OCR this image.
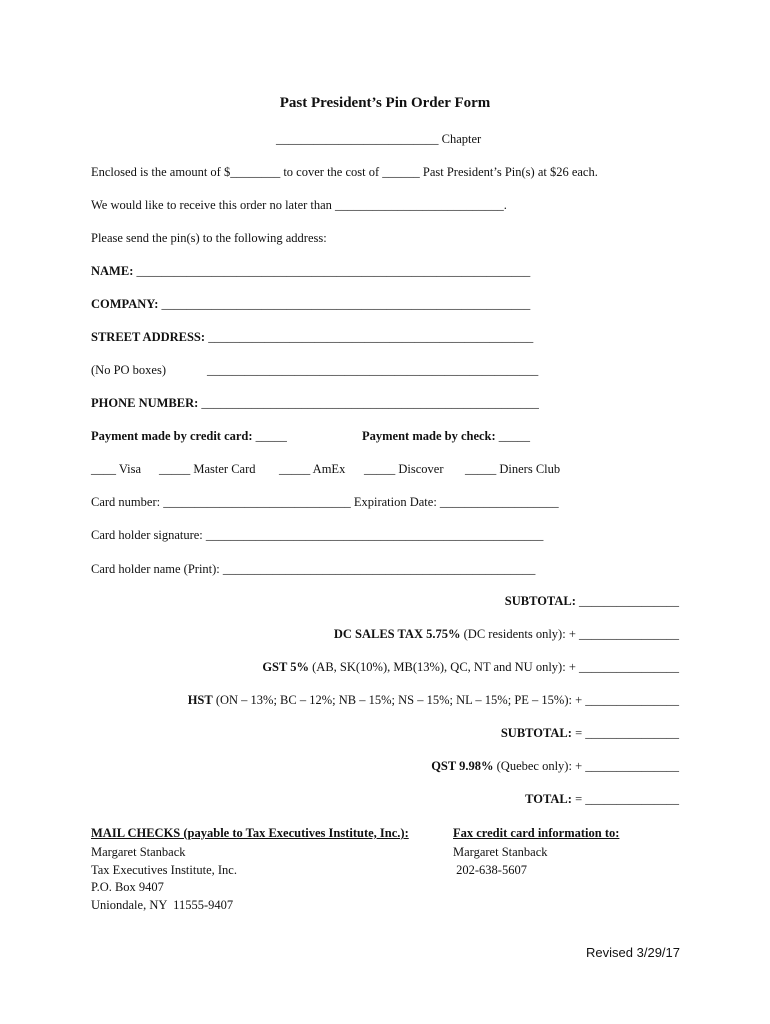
Past President’s Pin Order Form
__________________________ Chapter
Enclosed is the amount of $________ to cover the cost of ______ Past President’s Pin(s) at $26 each.
We would like to receive this order no later than ___________________________.
Please send the pin(s) to the following address:
NAME: _______________________________________________________________
COMPANY: ___________________________________________________________
STREET ADDRESS: ____________________________________________________
(No PO boxes)	_____________________________________________________
PHONE NUMBER: ______________________________________________________
Payment made by credit card: _____	Payment made by check: _____
____ Visa _____ Master Card _____ AmEx _____ Discover _____ Diners Club
Card number: ______________________________ Expiration Date: ___________________
Card holder signature: ______________________________________________________
Card holder name (Print): __________________________________________________
SUBTOTAL: ________________
DC SALES TAX 5.75% (DC residents only): + ________________
GST 5% (AB, SK(10%), MB(13%), QC, NT and NU only): + ________________
HST (ON – 13%; BC – 12%; NB – 15%; NS – 15%; NL – 15%; PE – 15%): + _______________
SUBTOTAL: = _______________
QST 9.98% (Quebec only): + _______________
TOTAL: = _______________
MAIL CHECKS (payable to Tax Executives Institute, Inc.):
Margaret Stanback
Tax Executives Institute, Inc.
P.O. Box 9407
Uniondale, NY  11555-9407
Fax credit card information to:
Margaret Stanback
202-638-5607
Revised 3/29/17
